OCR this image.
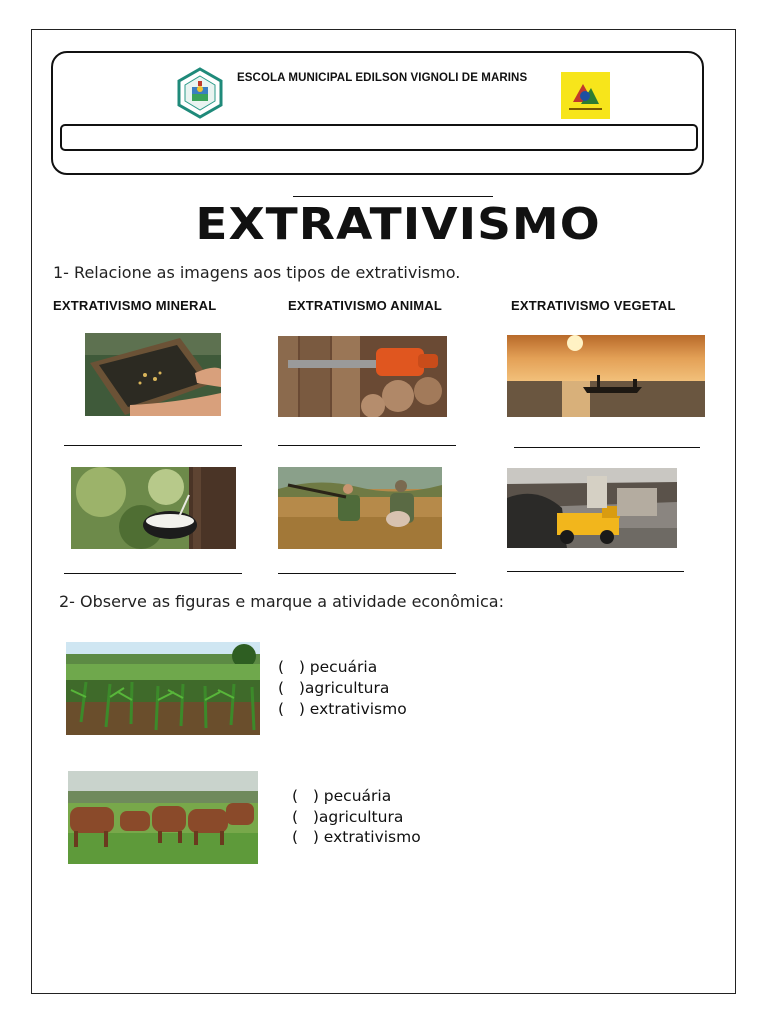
ESCOLA MUNICIPAL EDILSON VIGNOLI DE MARINS
EXTRATIVISMO
1- Relacione as imagens aos tipos de extrativismo.
EXTRATIVISMO MINERAL	EXTRATIVISMO ANIMAL	EXTRATIVISMO VEGETAL
2- Observe as figuras e marque a atividade econômica:
(   ) pecuária
(   )agricultura
(   ) extrativismo
(   ) pecuária
(   )agricultura
(   ) extrativismo
